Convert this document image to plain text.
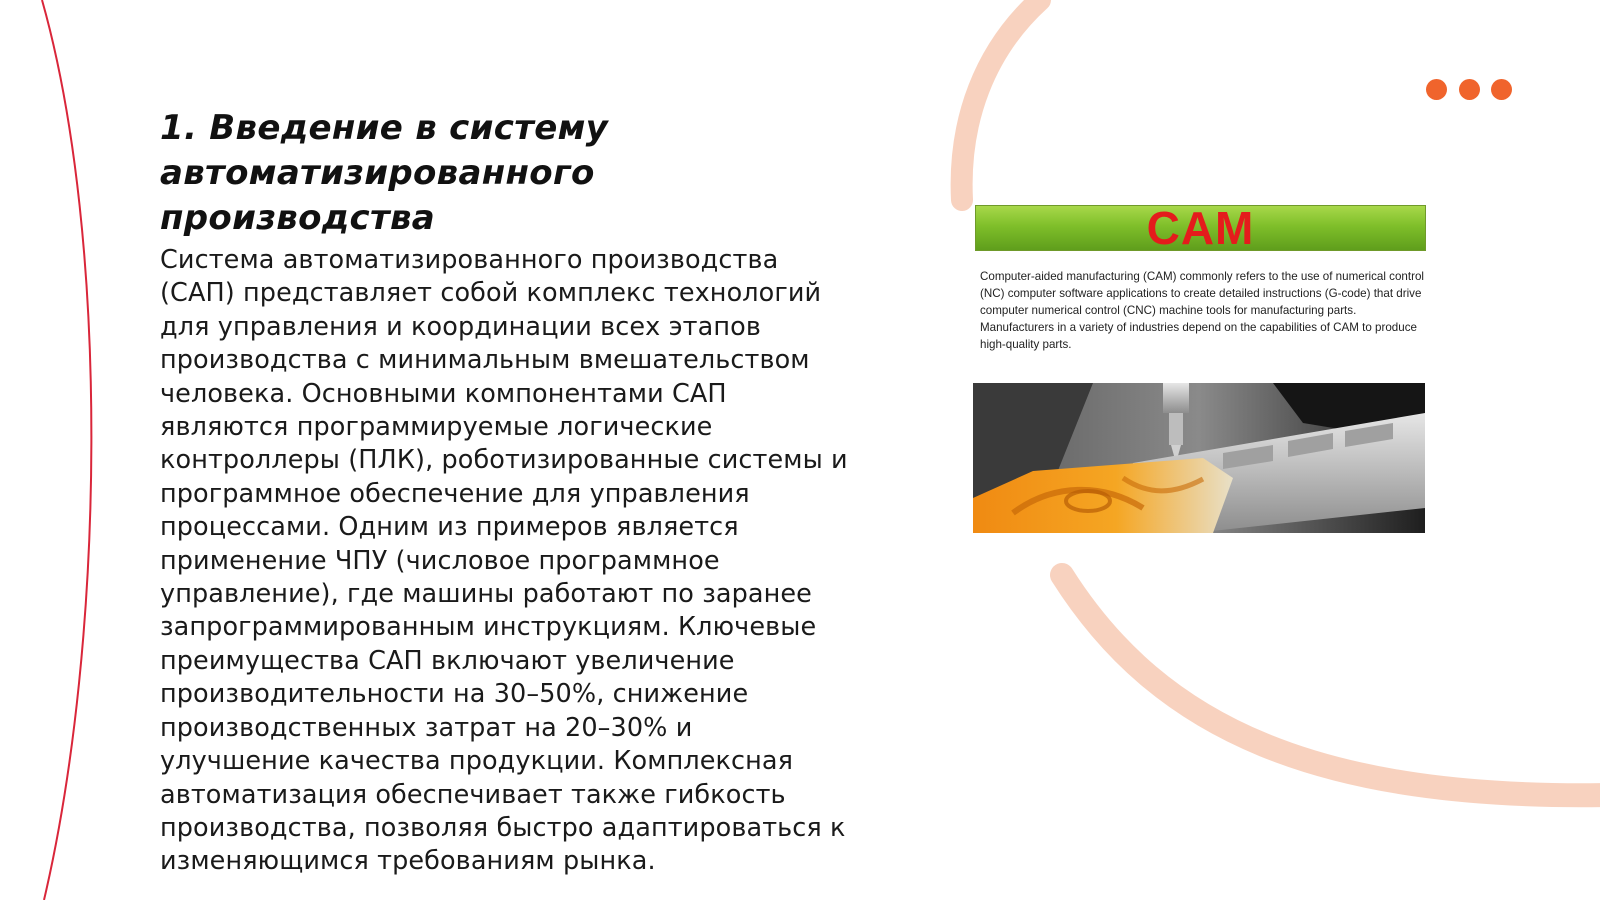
1. Введение в систему автоматизированного производства

Система автоматизированного производства (САП) представляет собой комплекс технологий для управления и координации всех этапов производства с минимальным вмешательством человека. Основными компонентами САП являются программируемые логические контроллеры (ПЛК), роботизированные системы и программное обеспечение для управления процессами. Одним из примеров является применение ЧПУ (числовое программное управление), где машины работают по заранее запрограммированным инструкциям. Ключевые преимущества САП включают увеличение производительности на 30–50%, снижение производственных затрат на 20–30% и улучшение качества продукции. Комплексная автоматизация обеспечивает также гибкость производства, позволяя быстро адаптироваться к изменяющимся требованиям рынка.

CAM

Computer-aided manufacturing (CAM) commonly refers to the use of numerical control (NC) computer software applications to create detailed instructions (G-code) that drive computer numerical control (CNC) machine tools for manufacturing parts. Manufacturers in a variety of industries depend on the capabilities of CAM to produce high-quality parts.
